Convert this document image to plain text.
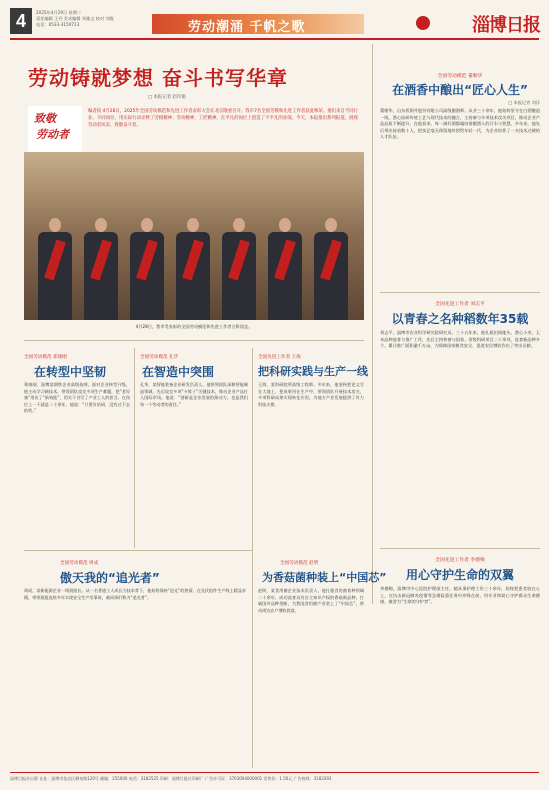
4	2025年4月29日 星期二
责任编辑 王丹 美术编辑 刘雅文 校对 刘俊
电话：0533-3150713	劳动潮涌 千帆之歌	淄博日报
劳动铸就梦想 奋斗书写华章
□ 本报记者 赵玲瑜
致敬
劳动者
编者按 4月28日，2025年全国劳动模范和先进工作者表彰大会在北京隆重召开。我市7名全国劳模和先进工作者获此殊荣。他们来自不同行业、不同岗位，用实际行动诠释了劳模精神、劳动精神、工匠精神，在平凡的岗位上创造了不平凡的业绩。今天，本报推出系列报道，展现劳动者风采，致敬奋斗者。
4月28日，我市受表彰的全国劳动模范和先进工作者合影留念。
全国劳动模范 董朝华
在酒香中酿出“匠心人生”
□ 本报记者 刘洋
董朝华，山东扳倒井股份有限公司高级酿酒师。从业三十余年，他始终坚守在白酒酿造一线，潜心钻研传统工艺与现代技术的融合，主持参与多项技术攻关项目，推动企业产品品质不断提升。在他看来，每一滴好酒都凝结着酿酒人的汗水与智慧。多年来，他先后带出徒弟数十人，把技艺毫无保留地传授给年轻一代，为企业培养了一支技术过硬的人才队伍。
全国先进工作者 刘志平
以青春之名种稻数年35载
刘志平，淄博市农业科学研究院研究员。三十五年来，他扎根田间地头，潜心小麦、玉米品种选育与推广工作，先后主持和参与国家、省级科研项目二十余项，选育新品种多个，累计推广面积逾千万亩，为保障国家粮食安全、促进农民增收作出了突出贡献。
全国先进工作者 李德梅
用心守护生命的双翼
李德梅，淄博市中心医院护理部主任。她从事护理工作三十余年，始终把患者放在心上，在抗击新冠肺炎疫情等急难险重任务中冲锋在前，用专业和爱心守护群众生命健康，被誉为“生命的守护者”。
全国劳动模范 郑康刚
在转型中坚韧
郑康刚，淄博某钢铁企业高级技师。面对企业转型升级，他主动学习新技术，带领团队攻克多项生产难题，把“老设备”用出了“新效能”，用实干书写了产业工人的担当。在岗位上一干就是二十余年，他说：“只要肯钻研，没有过不去的坎。”
全国劳动模范 孔华
在智造中突围
孔华，某智能装备企业研发负责人。他带领团队深耕智能制造领域，先后攻克多项“卡脖子”关键技术，推动企业产品打入国际市场。他说：“创新是企业发展的源动力，也是我们每一个劳动者的责任。”
全国先进工作者 王海
把科研实践与生产一线
王海，某科研院所高级工程师。多年来，他坚持把论文写在大地上，把成果用在生产中，带领团队开展技术攻关，多项科研成果实现转化应用，为地方产业发展提供了有力科技支撑。
全国劳动模范 周成
傲天我的“追光者”
周成，某新能源企业一线班组长。从一名普通工人成长为技术骨干，他始终保持“追光”的热情，在光伏组件生产线上精益求精，带领班组连续多年实现安全生产零事故，被同事们称为“追光者”。
全国劳动模范 赵明
为香菇菌种装上“中国芯”
赵明，某食用菌企业技术负责人。他扎根食用菌育种领域二十余年，成功选育具有自主知识产权的香菇新品种，打破国外品种垄断，为我国食用菌产业装上了“中国芯”，带动周边农户增收致富。
淄博日报社出版 社址：淄博市张店区柳泉路120号 邮编：255000 电话：3182525 印刷：淄博日报社印刷厂 广告许可证：3703004000001 零售价：1.50元 广告热线：3183393
